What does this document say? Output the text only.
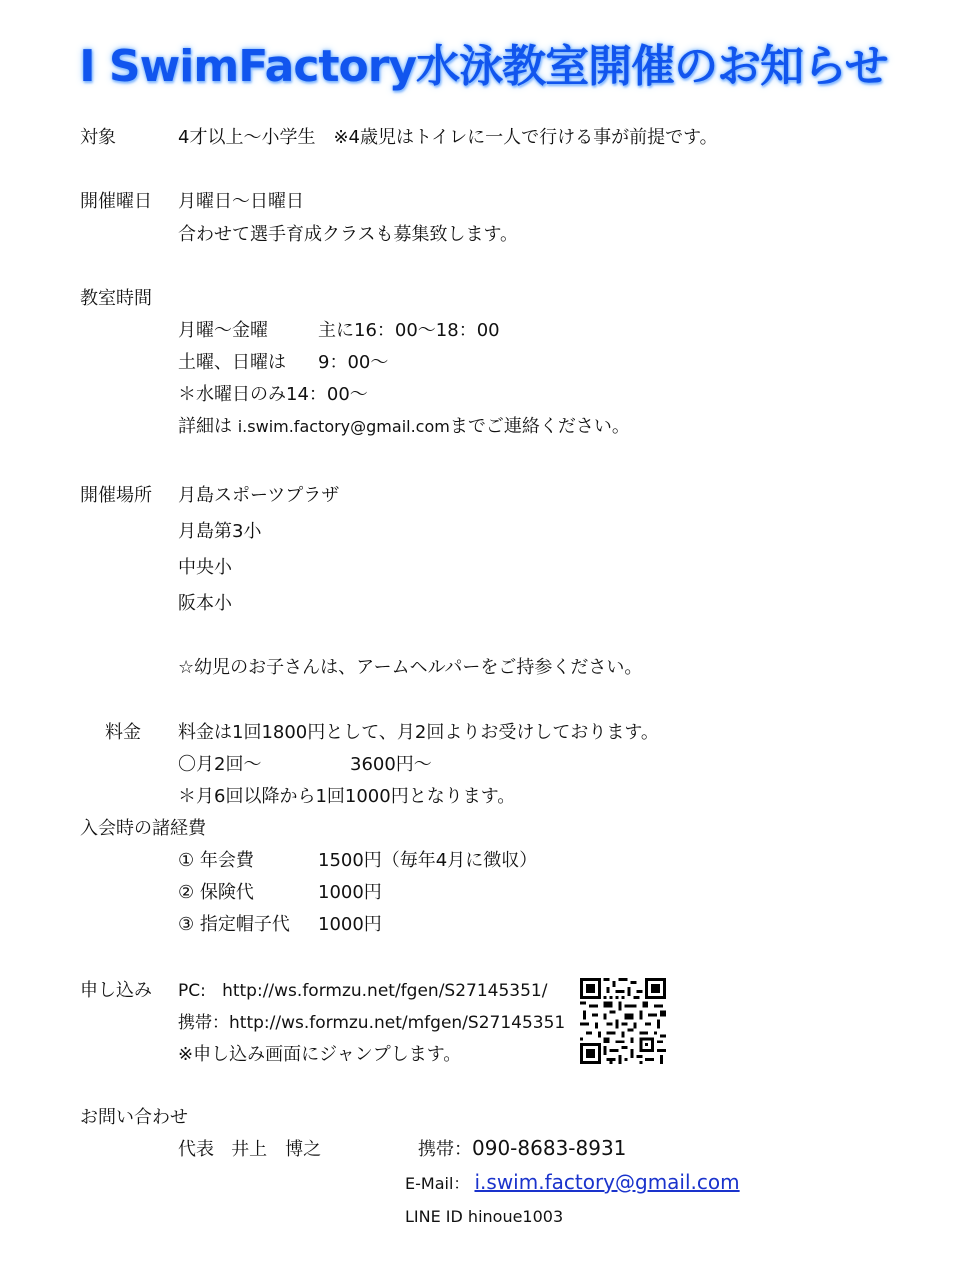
I SwimFactory水泳教室開催のお知らせ
対象	4才以上～小学生　※4歳児はトイレに一人で行ける事が前提です。
開催曜日 月曜日～日曜日
合わせて選手育成クラスも募集致します。
教室時間
月曜～金曜	主に16：00～18：00
土曜、日曜は 9：00～
＊水曜日のみ14：00～
詳細は i.swim.factory@gmail.comまでご連絡ください。
開催場所 月島スポーツプラザ
月島第3小
中央小
阪本小
☆幼児のお子さんは、アームヘルパーをご持参ください。
料金 料金は1回1800円として、月2回よりお受けしております。
〇月2回～	3600円～
＊月6回以降から1回1000円となります。
入会時の諸経費
① 年会費	1500円（毎年4月に徴収）
② 保険代	1000円
③ 指定帽子代 1000円
申し込み PC: http://ws.formzu.net/fgen/S27145351/
携帯：http://ws.formzu.net/mfgen/S27145351
※申し込み画面にジャンプします。
お問い合わせ
代表 井上　博之	携帯：090-8683-8931
E-Mail： i.swim.factory@gmail.com
LINE ID hinoue1003
